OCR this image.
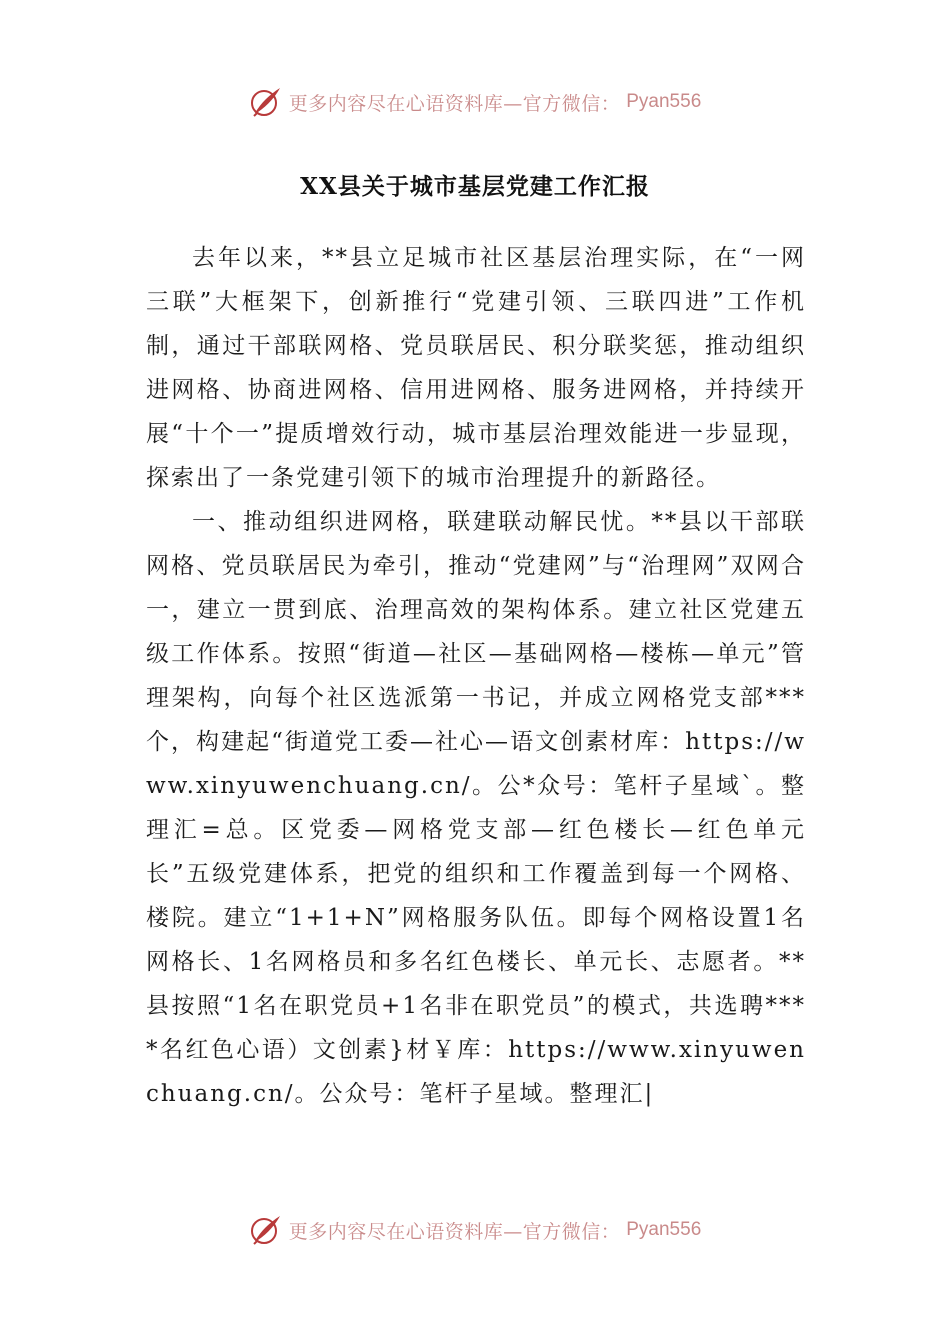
更多内容尽在心语资料库—官方微信： Pyan556
XX县关于城市基层党建工作汇报

去年以来，**县立足城市社区基层治理实际，在“一网三联”大框架下，创新推行“党建引领、三联四进”工作机制，通过干部联网格、党员联居民、积分联奖惩，推动组织进网格、协商进网格、信用进网格、服务进网格，并持续开展“十个一”提质增效行动，城市基层治理效能进一步显现，探索出了一条党建引领下的城市治理提升的新路径。

一、推动组织进网格，联建联动解民忧。**县以干部联网格、党员联居民为牵引，推动“党建网”与“治理网”双网合一，建立一贯到底、治理高效的架构体系。建立社区党建五级工作体系。按照“街道—社区—基础网格—楼栋—单元”管理架构，向每个社区选派第一书记，并成立网格党支部***个，构建起“街道党工委—社心—语文创素材库：https://www.xinyuwenchuang.cn/。公*众号：笔杆子星域`。整理汇=总。区党委—网格党支部—红色楼长—红色单元长”五级党建体系，把党的组织和工作覆盖到每一个网格、楼院。建立“1+1+N”网格服务队伍。即每个网格设置1名网格长、1名网格员和多名红色楼长、单元长、志愿者。**县按照“1名在职党员+1名非在职党员”的模式，共选聘****名红色心语）文创素}材￥库：https://www.xinyuwenchuang.cn/。公众号：笔杆子星域。整理汇|

更多内容尽在心语资料库—官方微信： Pyan556
